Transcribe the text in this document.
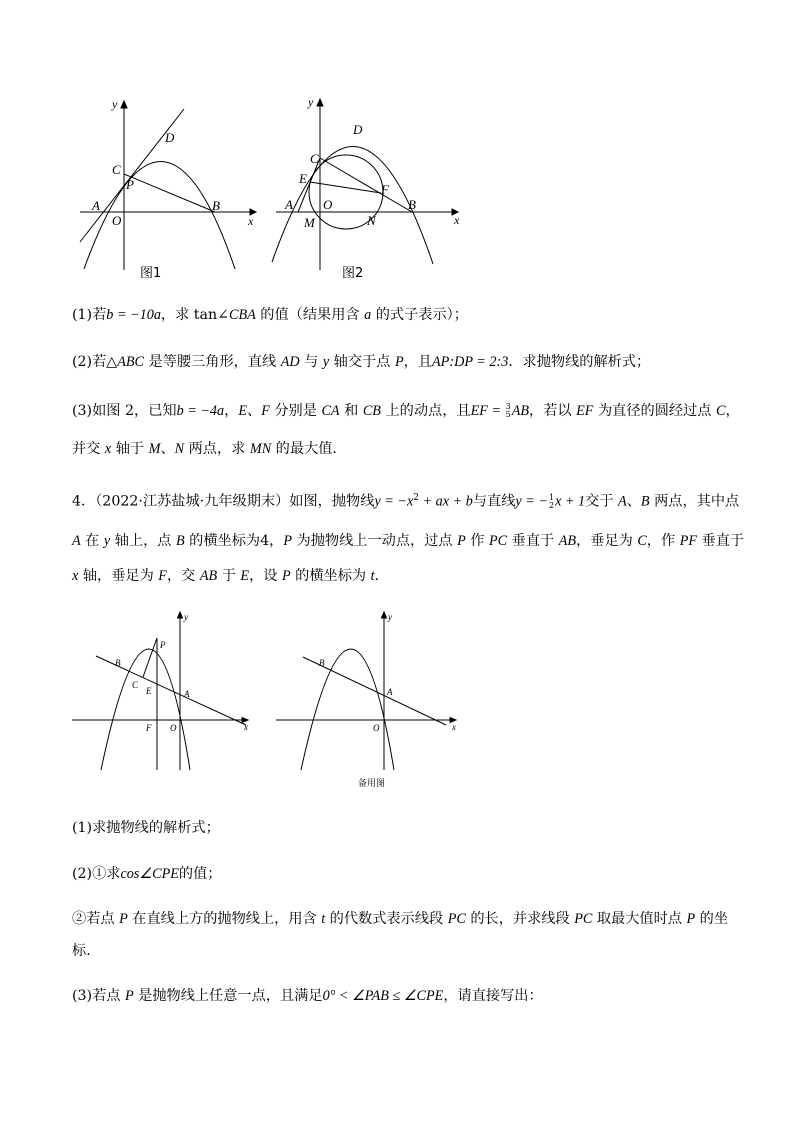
y
x
D
C
P
A
O
B
图1
y
x
D
C
E
F
A O	B
M	N
图2
(1)若b = −10a，求 tan∠CBA 的值（结果用含 a 的式子表示）；
(2)若△ABC 是等腰三角形，直线 AD 与 y 轴交于点 P，且AP:DP = 2:3．求抛物线的解析式；
(3)如图 2，已知b = −4a，E、F 分别是 CA 和 CB 上的动点，且EF = 3
5 AB，若以 EF 为直径的圆经过点 C，
并交 x 轴于 M、N 两点，求 MN 的最大值．
4．（2022·江苏盐城·九年级期末）如图，抛物线$y = -x^2$ + ax + b与直线y = − 1
2 x + 1交于 A、B 两点，其中点
A 在 y 轴上，点 B 的横坐标为4，P 为抛物线上一动点，过点 P 作 PC 垂直于 AB，垂足为 C，作 PF 垂直于
x 轴，垂足为 F，交 AB 于 E，设 P 的横坐标为 t．
y
x
P
B
C
E	A
F O
y
x
B
A
O
备用图
(1)求抛物线的解析式；
(2)①求cos∠CPE的值；
②若点 P 在直线上方的抛物线上，用含 t 的代数式表示线段 PC 的长，并求线段 PC 取最大值时点 P 的坐
标．
(3)若点 P 是抛物线上任意一点，且满足0° < ∠PAB ≤ ∠CPE，请直接写出：
